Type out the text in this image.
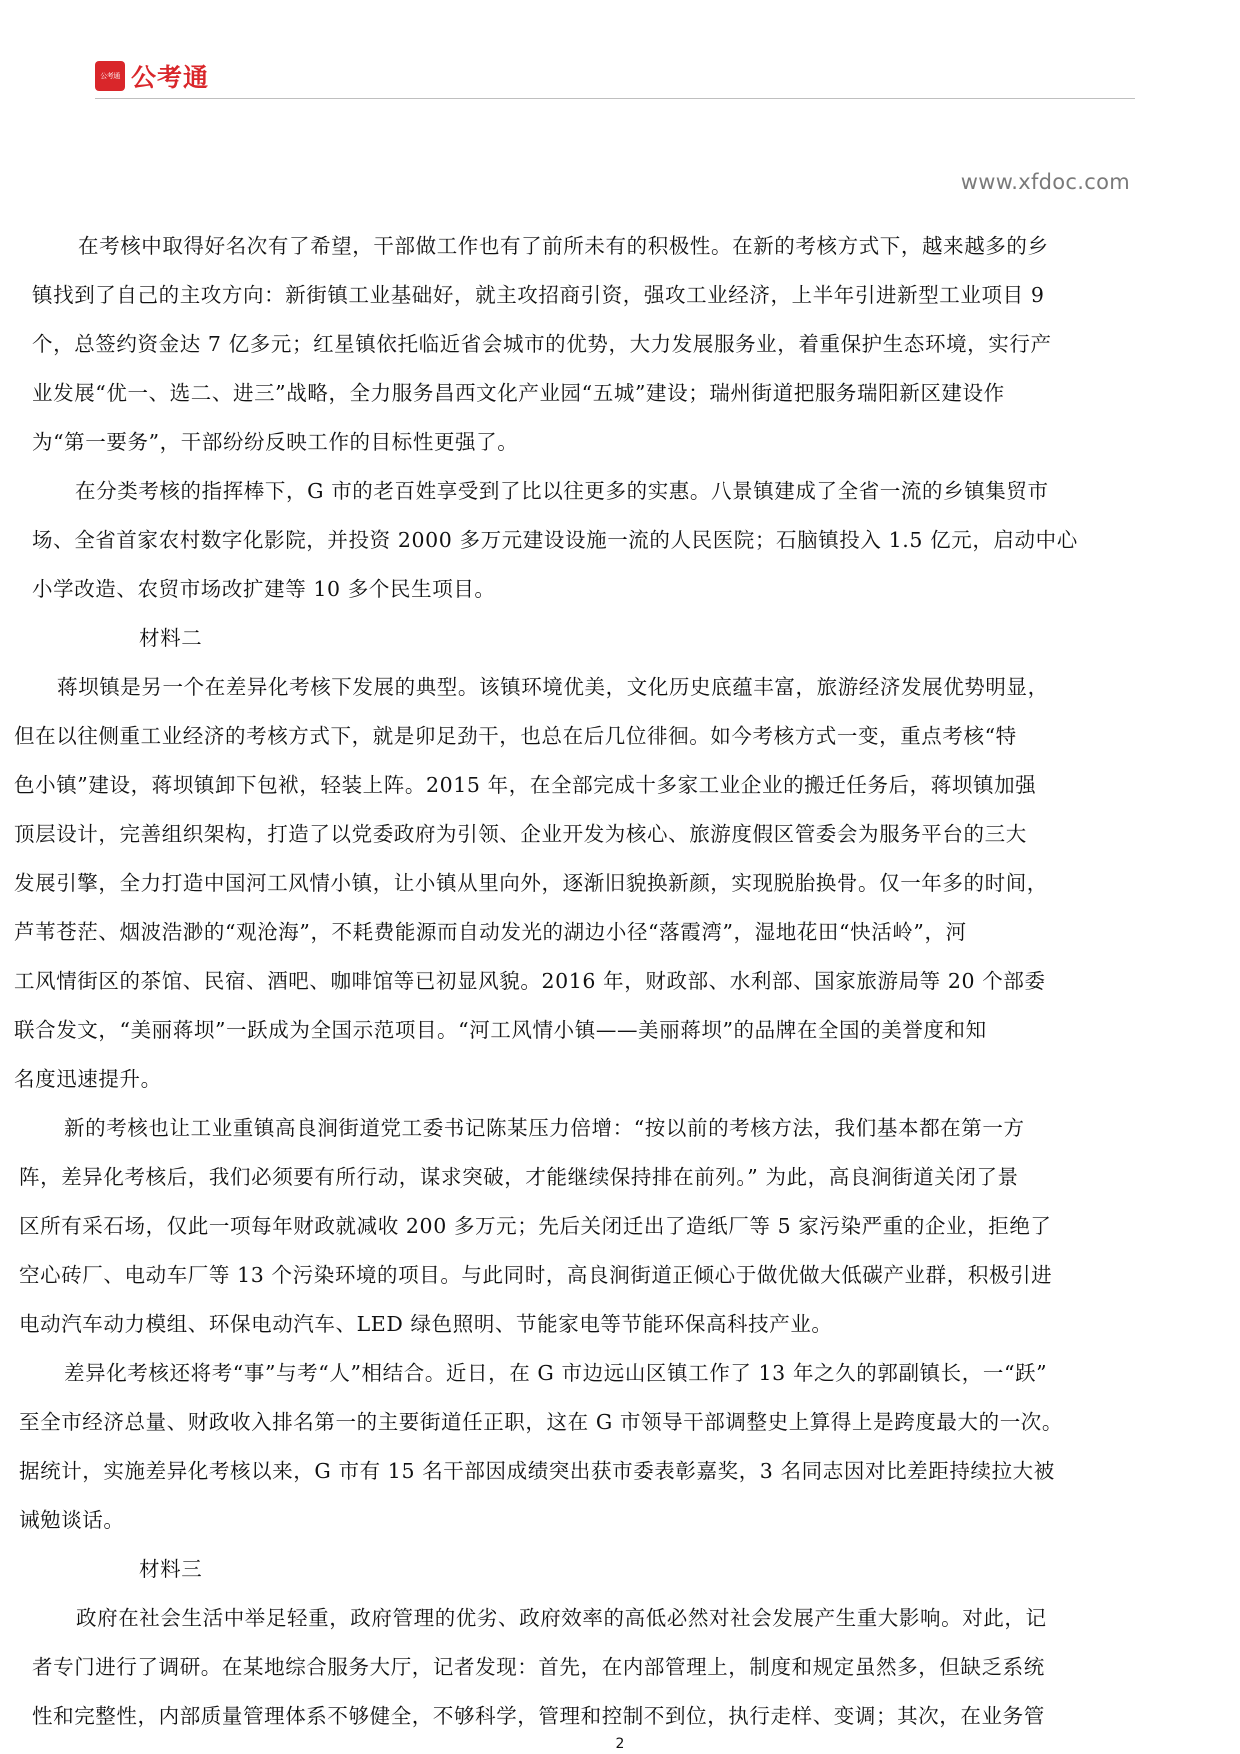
公考通 公考通
www.xfdoc.com
在考核中取得好名次有了希望，干部做工作也有了前所未有的积极性。在新的考核方式下，越来越多的乡
镇找到了自己的主攻方向：新街镇工业基础好，就主攻招商引资，强攻工业经济，上半年引进新型工业项目 9
个，总签约资金达 7 亿多元；红星镇依托临近省会城市的优势，大力发展服务业，着重保护生态环境，实行产
业发展“优一、选二、进三”战略，全力服务昌西文化产业园“五城”建设；瑞州街道把服务瑞阳新区建设作
为“第一要务”，干部纷纷反映工作的目标性更强了。
在分类考核的指挥棒下，G 市的老百姓享受到了比以往更多的实惠。八景镇建成了全省一流的乡镇集贸市
场、全省首家农村数字化影院，并投资 2000 多万元建设设施一流的人民医院；石脑镇投入 1.5 亿元，启动中心
小学改造、农贸市场改扩建等 10 多个民生项目。
材料二
蒋坝镇是另一个在差异化考核下发展的典型。该镇环境优美，文化历史底蕴丰富，旅游经济发展优势明显，
但在以往侧重工业经济的考核方式下，就是卯足劲干，也总在后几位徘徊。如今考核方式一变，重点考核“特
色小镇”建设，蒋坝镇卸下包袱，轻装上阵。2015 年，在全部完成十多家工业企业的搬迁任务后，蒋坝镇加强
顶层设计，完善组织架构，打造了以党委政府为引领、企业开发为核心、旅游度假区管委会为服务平台的三大
发展引擎，全力打造中国河工风情小镇，让小镇从里向外，逐渐旧貌换新颜，实现脱胎换骨。仅一年多的时间，
芦苇苍茫、烟波浩渺的“观沧海”，不耗费能源而自动发光的湖边小径“落霞湾”，湿地花田“快活岭”，河
工风情街区的茶馆、民宿、酒吧、咖啡馆等已初显风貌。2016 年，财政部、水利部、国家旅游局等 20 个部委
联合发文，“美丽蒋坝”一跃成为全国示范项目。“河工风情小镇——美丽蒋坝”的品牌在全国的美誉度和知
名度迅速提升。
新的考核也让工业重镇高良涧街道党工委书记陈某压力倍增：“按以前的考核方法，我们基本都在第一方
阵，差异化考核后，我们必须要有所行动，谋求突破，才能继续保持排在前列。” 为此，高良涧街道关闭了景
区所有采石场，仅此一项每年财政就减收 200 多万元；先后关闭迁出了造纸厂等 5 家污染严重的企业，拒绝了
空心砖厂、电动车厂等 13 个污染环境的项目。与此同时，高良涧街道正倾心于做优做大低碳产业群，积极引进
电动汽车动力模组、环保电动汽车、LED 绿色照明、节能家电等节能环保高科技产业。
差异化考核还将考“事”与考“人”相结合。近日，在 G 市边远山区镇工作了 13 年之久的郭副镇长，一“跃”
至全市经济总量、财政收入排名第一的主要街道任正职，这在 G 市领导干部调整史上算得上是跨度最大的一次。
据统计，实施差异化考核以来，G 市有 15 名干部因成绩突出获市委表彰嘉奖，3 名同志因对比差距持续拉大被
诫勉谈话。
材料三
政府在社会生活中举足轻重，政府管理的优劣、政府效率的高低必然对社会发展产生重大影响。对此，记
者专门进行了调研。在某地综合服务大厅，记者发现：首先，在内部管理上，制度和规定虽然多，但缺乏系统
性和完整性，内部质量管理体系不够健全，不够科学，管理和控制不到位，执行走样、变调；其次，在业务管
2
